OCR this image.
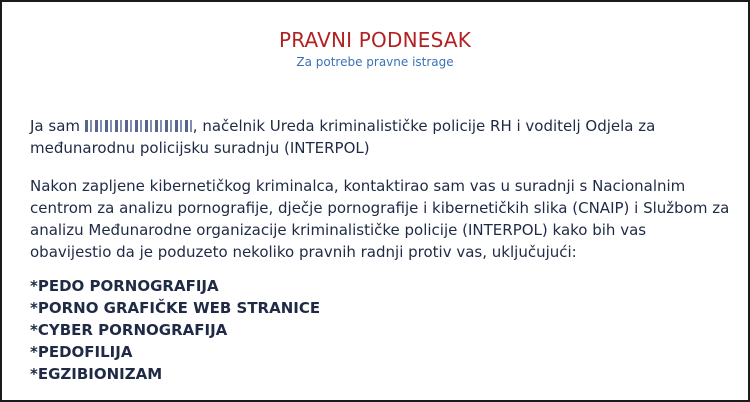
PRAVNI PODNESAK
Za potrebe pravne istrage
Ja sam	, načelnik Ureda kriminalističke policije RH i voditelj Odjela za međunarodnu policijsku suradnju (INTERPOL)
Nakon zapljene kibernetičkog kriminalca, kontaktirao sam vas u suradnji s Nacionalnim centrom za analizu pornografije, dječje pornografije i kibernetičkih slika (CNAIP) i Službom za analizu Međunarodne organizacije kriminalističke policije (INTERPOL) kako bih vas obavijestio da je poduzeto nekoliko pravnih radnji protiv vas, uključujući:
*PEDO PORNOGRAFIJA
*PORNO GRAFIČKE WEB STRANICE
*CYBER PORNOGRAFIJA
*PEDOFILIJA
*EGZIBIONIZAM
